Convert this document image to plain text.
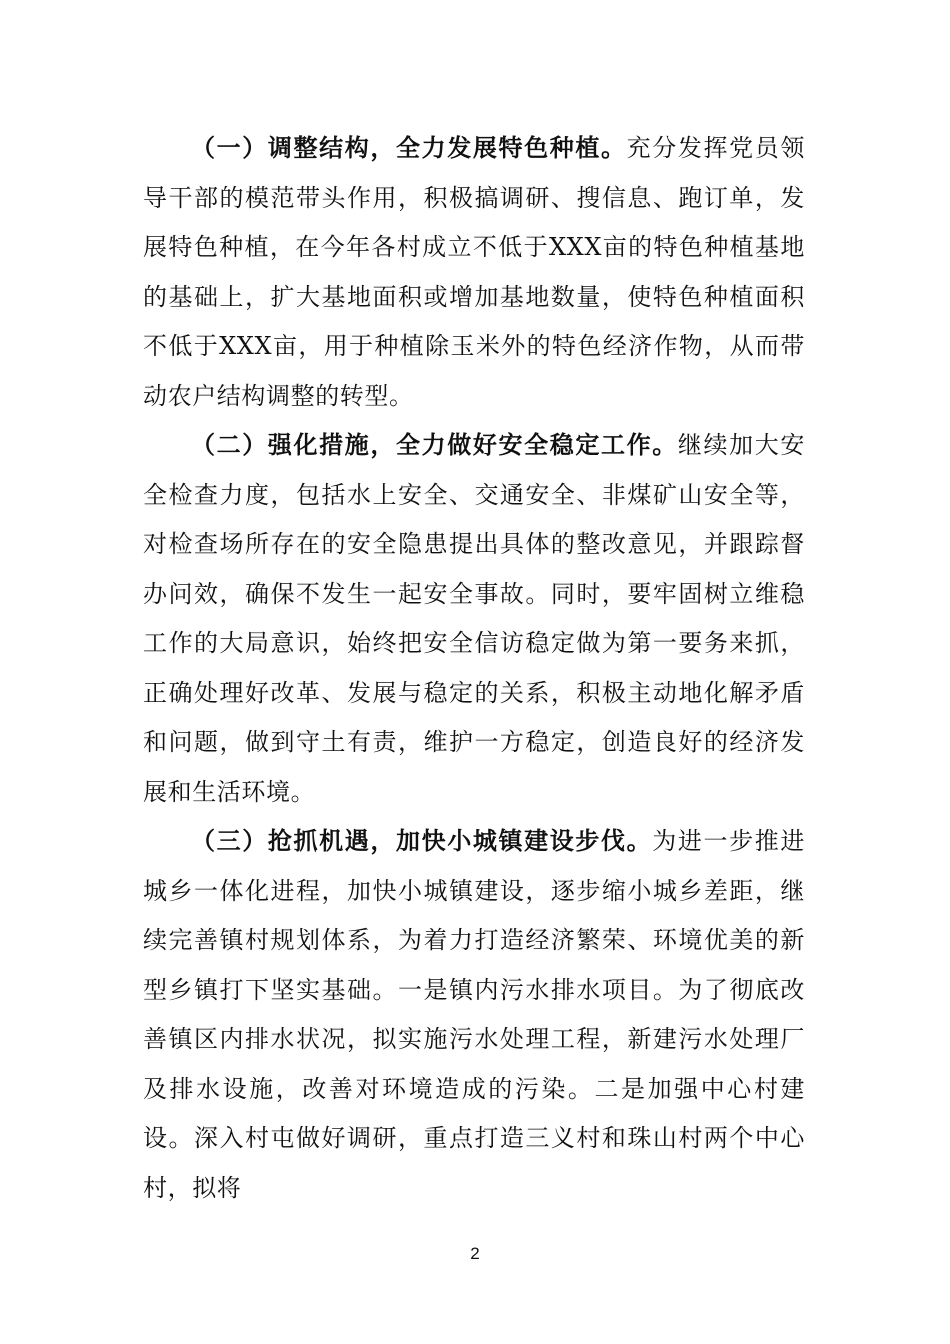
（一）调整结构，全力发展特色种植。充分发挥党员领导干部的模范带头作用，积极搞调研、搜信息、跑订单，发展特色种植，在今年各村成立不低于XXX亩的特色种植基地的基础上，扩大基地面积或增加基地数量，使特色种植面积不低于XXX亩，用于种植除玉米外的特色经济作物，从而带动农户结构调整的转型。

（二）强化措施，全力做好安全稳定工作。继续加大安全检查力度，包括水上安全、交通安全、非煤矿山安全等，对检查场所存在的安全隐患提出具体的整改意见，并跟踪督办问效，确保不发生一起安全事故。同时，要牢固树立维稳工作的大局意识，始终把安全信访稳定做为第一要务来抓，正确处理好改革、发展与稳定的关系，积极主动地化解矛盾和问题，做到守土有责，维护一方稳定，创造良好的经济发展和生活环境。

（三）抢抓机遇，加快小城镇建设步伐。为进一步推进城乡一体化进程，加快小城镇建设，逐步缩小城乡差距，继续完善镇村规划体系，为着力打造经济繁荣、环境优美的新型乡镇打下坚实基础。一是镇内污水排水项目。为了彻底改善镇区内排水状况，拟实施污水处理工程，新建污水处理厂及排水设施，改善对环境造成的污染。二是加强中心村建设。深入村屯做好调研，重点打造三义村和珠山村两个中心村，拟将

2
